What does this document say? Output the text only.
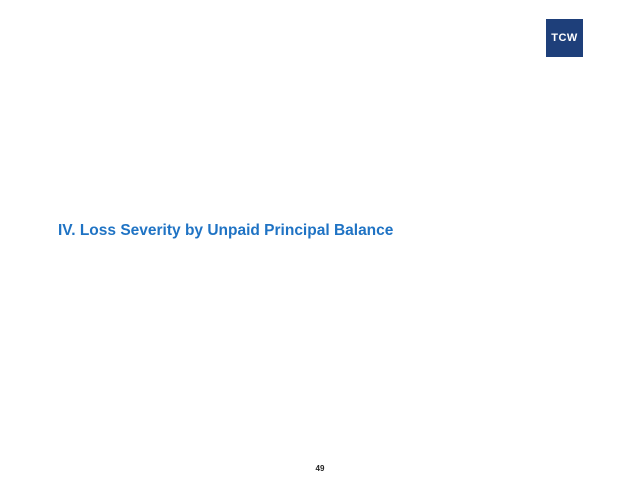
TCW
IV. Loss Severity by Unpaid Principal Balance
49
